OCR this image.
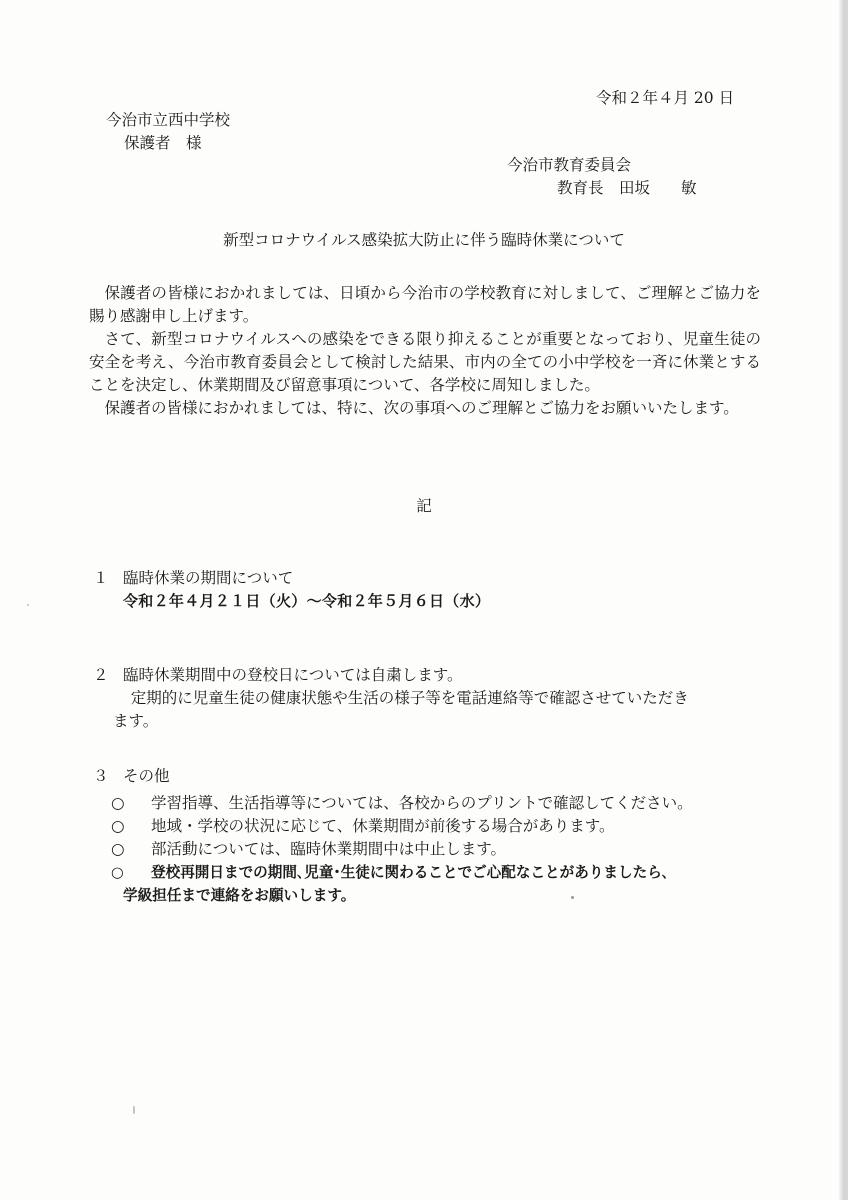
令和２年４月 20 日
今治市立西中学校
保護者　様
今治市教育委員会
教育長　田坂　　敏
新型コロナウイルス感染拡大防止に伴う臨時休業について

保護者の皆様におかれましては、日頃から今治市の学校教育に対しまして、ご理解とご協力を賜り感謝申し上げます。

さて、新型コロナウイルスへの感染をできる限り抑えることが重要となっており、児童生徒の安全を考え、今治市教育委員会として検討した結果、市内の全ての小中学校を一斉に休業とすることを決定し、休業期間及び留意事項について、各学校に周知しました。

保護者の皆様におかれましては、特に、次の事項へのご理解とご協力をお願いいたします。

記
１ 臨時休業の期間について
令和２年４月２１日（火）～令和２年５月６日（水）
２ 臨時休業期間中の登校日については自粛します。
定期的に児童生徒の健康状態や生活の様子等を電話連絡等で確認させていただき
ます。
３ その他
○	学習指導、生活指導等については、各校からのプリントで確認してください。
○	地域・学校の状況に応じて、休業期間が前後する場合があります。
○	部活動については、臨時休業期間中は中止します。
○	登校再開日までの期間､児童･生徒に関わることでご心配なことがありましたら､
学級担任まで連絡をお願いします。
